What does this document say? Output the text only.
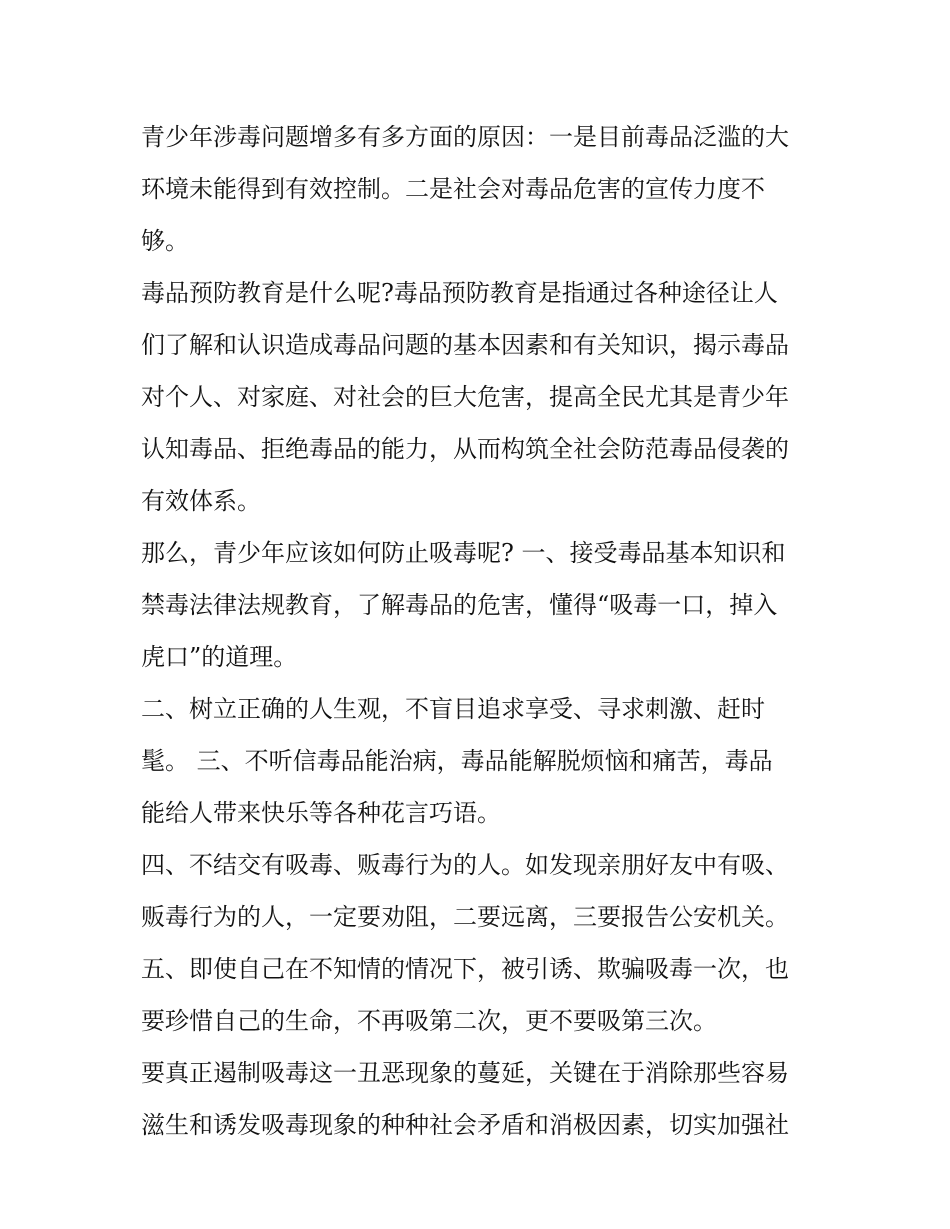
青少年涉毒问题增多有多方面的原因：一是目前毒品泛滥的大
环境未能得到有效控制。二是社会对毒品危害的宣传力度不
够。
毒品预防教育是什么呢?毒品预防教育是指通过各种途径让人
们了解和认识造成毒品问题的基本因素和有关知识，揭示毒品
对个人、对家庭、对社会的巨大危害，提高全民尤其是青少年
认知毒品、拒绝毒品的能力，从而构筑全社会防范毒品侵袭的
有效体系。
那么，青少年应该如何防止吸毒呢? 一、接受毒品基本知识和
禁毒法律法规教育，了解毒品的危害，懂得“吸毒一口，掉入
虎口”的道理。
二、树立正确的人生观，不盲目追求享受、寻求刺激、赶时
髦。 三、不听信毒品能治病，毒品能解脱烦恼和痛苦，毒品
能给人带来快乐等各种花言巧语。
四、不结交有吸毒、贩毒行为的人。如发现亲朋好友中有吸、
贩毒行为的人，一定要劝阻，二要远离，三要报告公安机关。
五、即使自己在不知情的情况下，被引诱、欺骗吸毒一次，也
要珍惜自己的生命，不再吸第二次，更不要吸第三次。
要真正遏制吸毒这一丑恶现象的蔓延，关键在于消除那些容易
滋生和诱发吸毒现象的种种社会矛盾和消极因素，切实加强社
